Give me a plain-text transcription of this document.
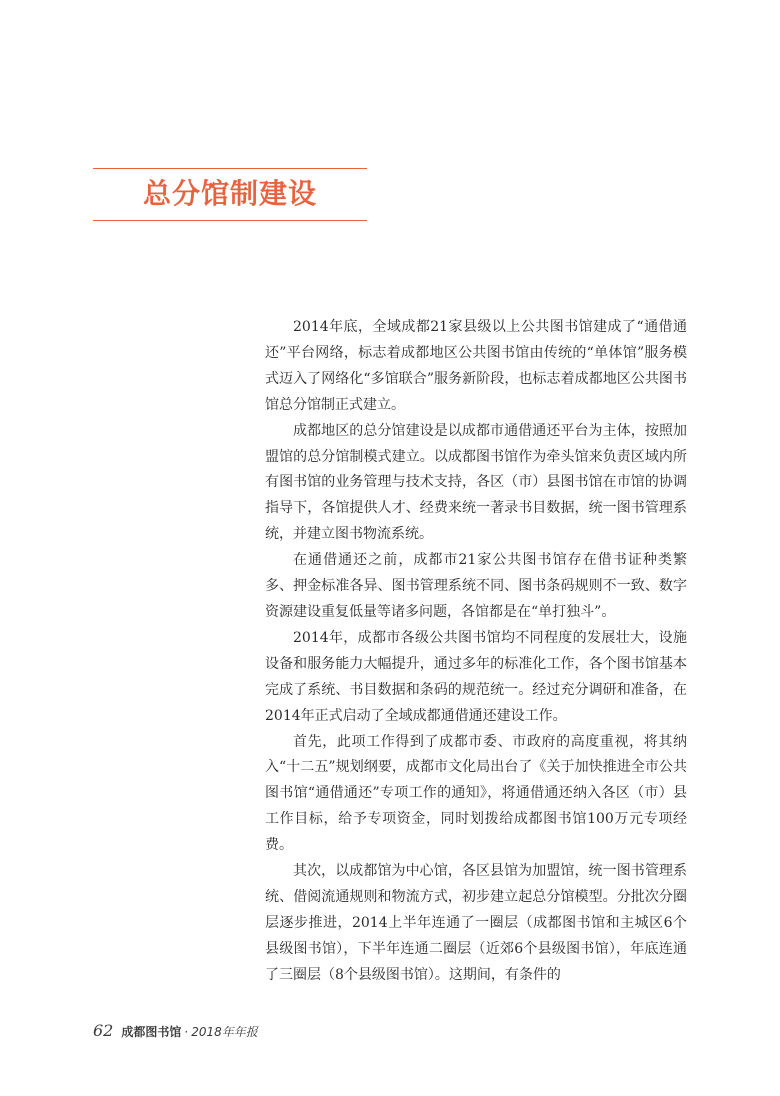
总分馆制建设

2014年底，全域成都21家县级以上公共图书馆建成了“通借通还”平台网络，标志着成都地区公共图书馆由传统的“单体馆”服务模式迈入了网络化“多馆联合”服务新阶段，也标志着成都地区公共图书馆总分馆制正式建立。

成都地区的总分馆建设是以成都市通借通还平台为主体，按照加盟馆的总分馆制模式建立。以成都图书馆作为牵头馆来负责区域内所有图书馆的业务管理与技术支持，各区（市）县图书馆在市馆的协调指导下，各馆提供人才、经费来统一著录书目数据，统一图书管理系统，并建立图书物流系统。

在通借通还之前，成都市21家公共图书馆存在借书证种类繁多、押金标准各异、图书管理系统不同、图书条码规则不一致、数字资源建设重复低量等诸多问题，各馆都是在“单打独斗”。

2014年，成都市各级公共图书馆均不同程度的发展壮大，设施设备和服务能力大幅提升，通过多年的标准化工作，各个图书馆基本完成了系统、书目数据和条码的规范统一。经过充分调研和准备，在2014年正式启动了全域成都通借通还建设工作。

首先，此项工作得到了成都市委、市政府的高度重视，将其纳入“十二五”规划纲要，成都市文化局出台了《关于加快推进全市公共图书馆“通借通还”专项工作的通知》，将通借通还纳入各区（市）县工作目标，给予专项资金，同时划拨给成都图书馆100万元专项经费。

其次，以成都馆为中心馆，各区县馆为加盟馆，统一图书管理系统、借阅流通规则和物流方式，初步建立起总分馆模型。分批次分圈层逐步推进，2014上半年连通了一圈层（成都图书馆和主城区6个县级图书馆），下半年连通二圈层（近郊6个县级图书馆），年底连通了三圈层（8个县级图书馆）。这期间，有条件的

62 成都图书馆 · 2018年年报
